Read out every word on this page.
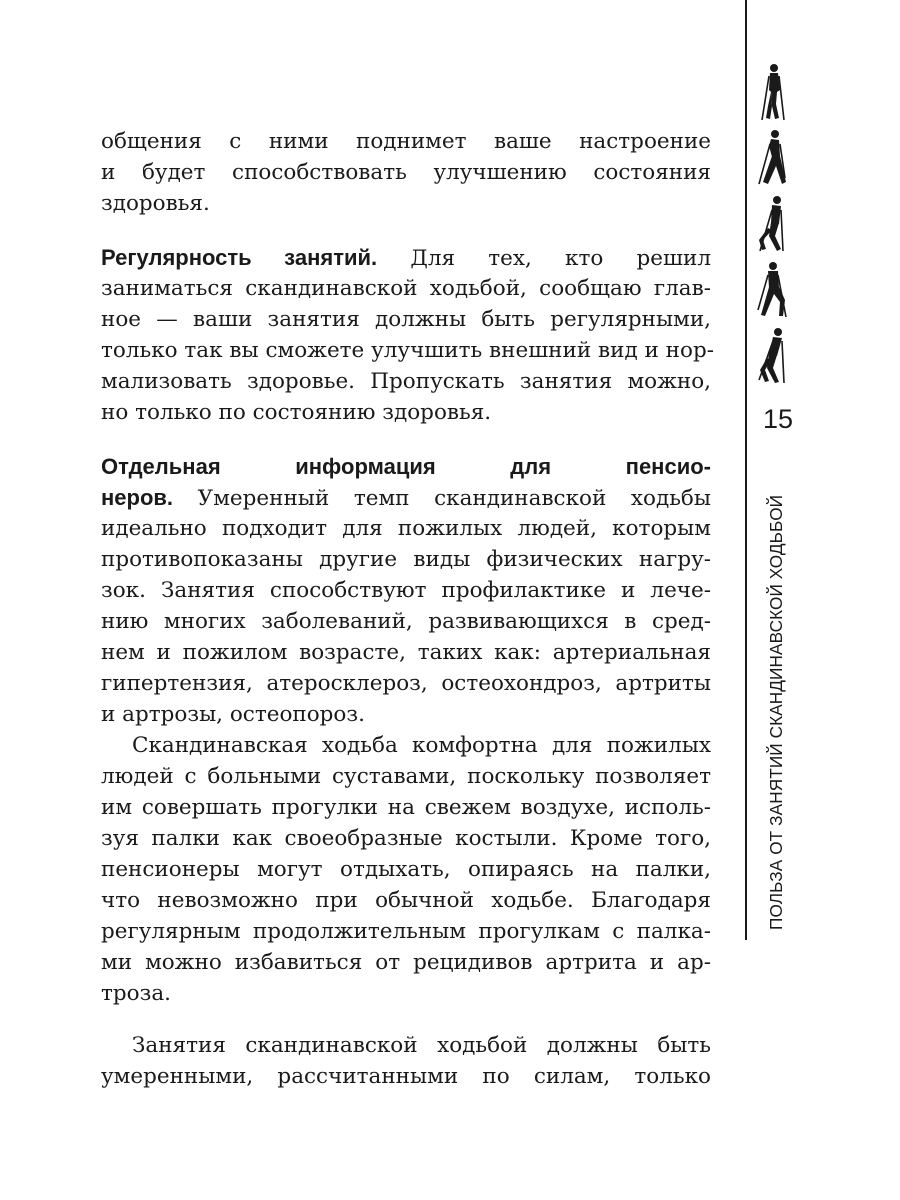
общения с ними поднимет ваше настроение
и будет способствовать улучшению состояния
здоровья.
Регулярность занятий. Для тех, кто решил
заниматься скандинавской ходьбой, сообщаю глав-
ное — ваши занятия должны быть регулярными,
только так вы сможете улучшить внешний вид и нор-
мализовать здоровье. Пропускать занятия можно,
но только по состоянию здоровья.
Отдельная информация для пенсио-
неров. Умеренный темп скандинавской ходьбы
идеально подходит для пожилых людей, которым
противопоказаны другие виды физических нагру-
зок. Занятия способствуют профилактике и лече-
нию многих заболеваний, развивающихся в сред-
нем и пожилом возрасте, таких как: артериальная
гипертензия, атеросклероз, остеохондроз, артриты
и артрозы, остеопороз.
Скандинавская ходьба комфортна для пожилых
людей с больными суставами, поскольку позволяет
им совершать прогулки на свежем воздухе, исполь-
зуя палки как своеобразные костыли. Кроме того,
пенсионеры могут отдыхать, опираясь на палки,
что невозможно при обычной ходьбе. Благодаря
регулярным продолжительным прогулкам с палка-
ми можно избавиться от рецидивов артрита и ар-
троза.
Занятия скандинавской ходьбой должны быть
умеренными, рассчитанными по силам, только
15
ПОЛЬЗА ОТ ЗАНЯТИЙ СКАНДИНАВСКОЙ ХОДЬБОЙ
